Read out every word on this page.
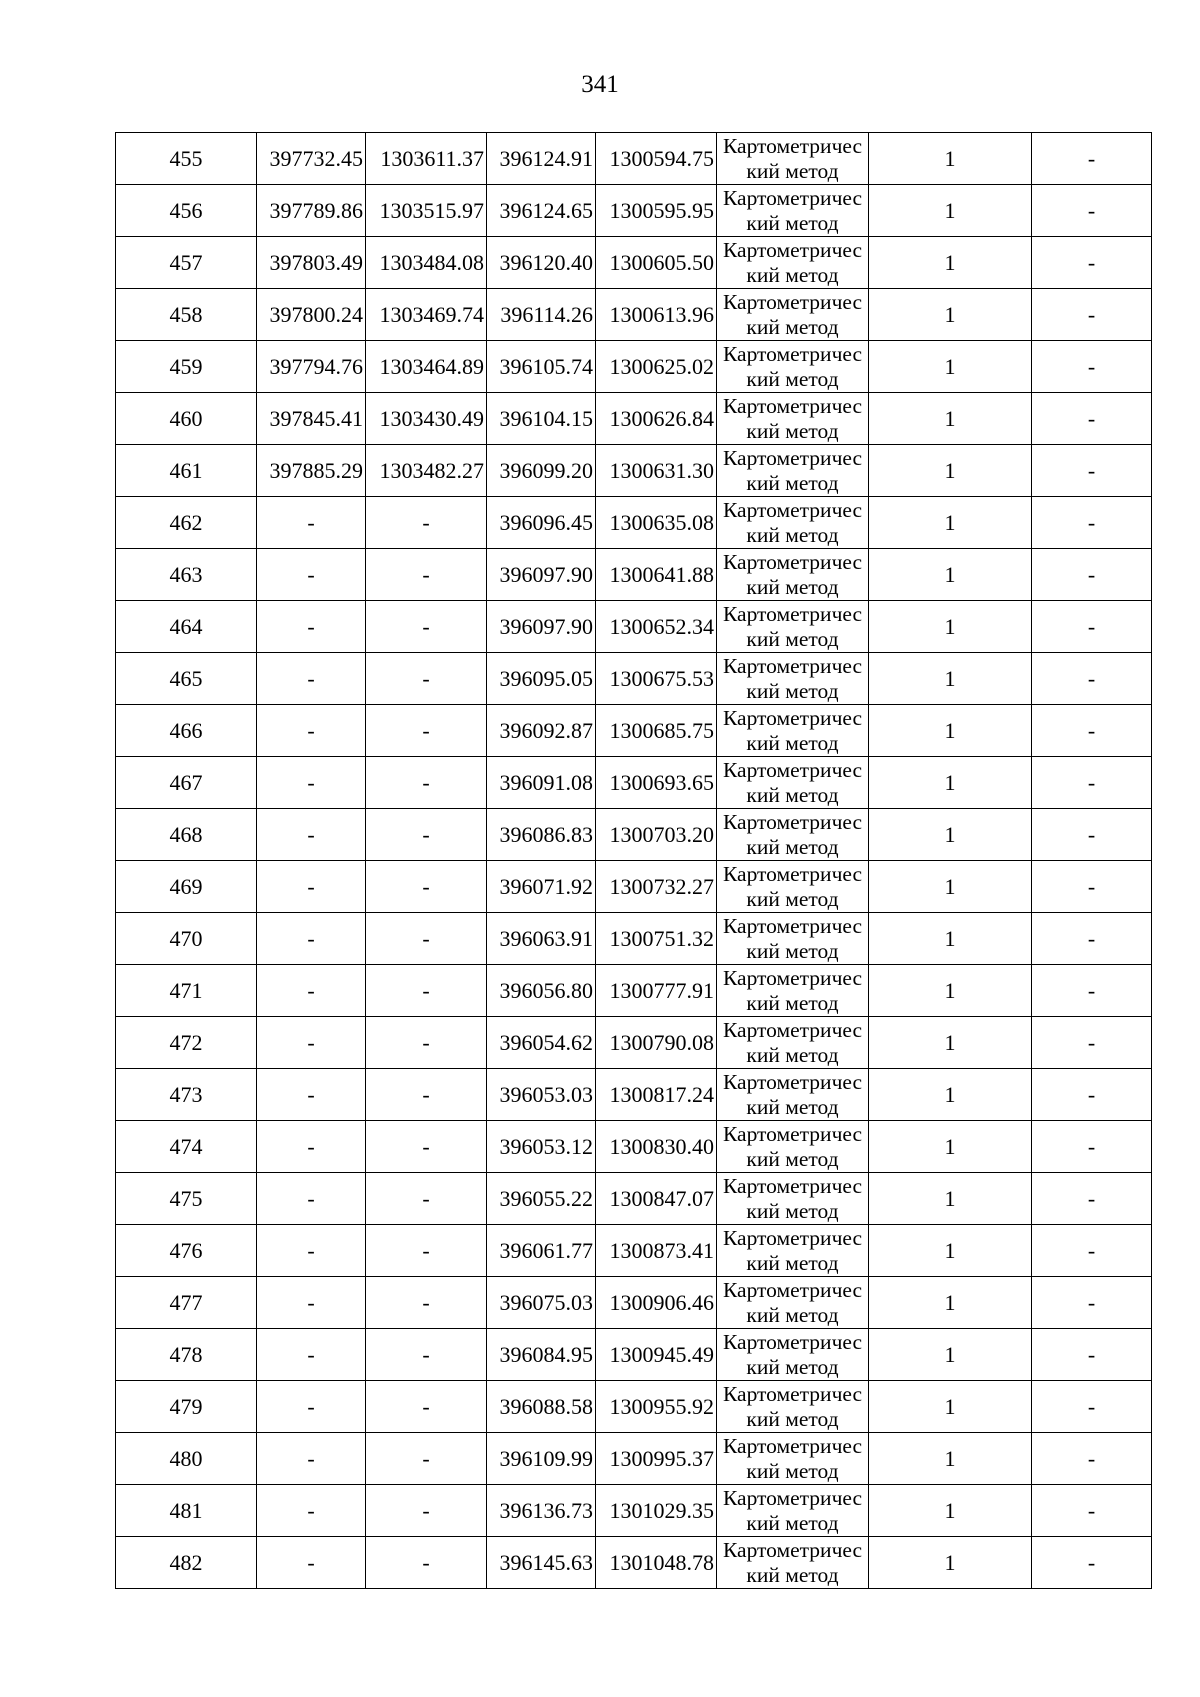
341
455	397732.45	1303611.37	396124.91	1300594.75	Картометрический метод	1	-
456	397789.86	1303515.97	396124.65	1300595.95	Картометрический метод	1	-
457	397803.49	1303484.08	396120.40	1300605.50	Картометрический метод	1	-
458	397800.24	1303469.74	396114.26	1300613.96	Картометрический метод	1	-
459	397794.76	1303464.89	396105.74	1300625.02	Картометрический метод	1	-
460	397845.41	1303430.49	396104.15	1300626.84	Картометрический метод	1	-
461	397885.29	1303482.27	396099.20	1300631.30	Картометрический метод	1	-
462	-	-	396096.45	1300635.08	Картометрический метод	1	-
463	-	-	396097.90	1300641.88	Картометрический метод	1	-
464	-	-	396097.90	1300652.34	Картометрический метод	1	-
465	-	-	396095.05	1300675.53	Картометрический метод	1	-
466	-	-	396092.87	1300685.75	Картометрический метод	1	-
467	-	-	396091.08	1300693.65	Картометрический метод	1	-
468	-	-	396086.83	1300703.20	Картометрический метод	1	-
469	-	-	396071.92	1300732.27	Картометрический метод	1	-
470	-	-	396063.91	1300751.32	Картометрический метод	1	-
471	-	-	396056.80	1300777.91	Картометрический метод	1	-
472	-	-	396054.62	1300790.08	Картометрический метод	1	-
473	-	-	396053.03	1300817.24	Картометрический метод	1	-
474	-	-	396053.12	1300830.40	Картометрический метод	1	-
475	-	-	396055.22	1300847.07	Картометрический метод	1	-
476	-	-	396061.77	1300873.41	Картометрический метод	1	-
477	-	-	396075.03	1300906.46	Картометрический метод	1	-
478	-	-	396084.95	1300945.49	Картометрический метод	1	-
479	-	-	396088.58	1300955.92	Картометрический метод	1	-
480	-	-	396109.99	1300995.37	Картометрический метод	1	-
481	-	-	396136.73	1301029.35	Картометрический метод	1	-
482	-	-	396145.63	1301048.78	Картометрический метод	1	-
